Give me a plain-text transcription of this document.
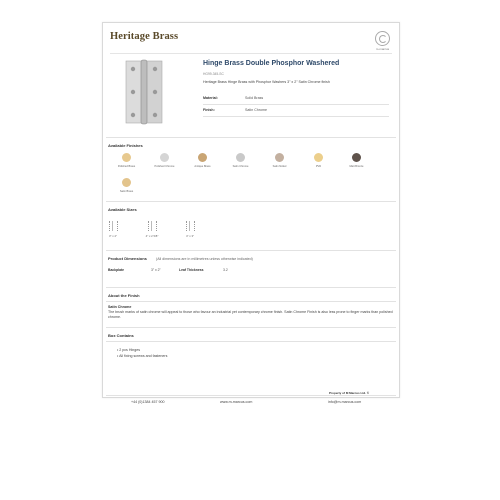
Heritage Brass
m-marcus
Hinge Brass Double Phosphor Washered
HG99-345-SC
Heritage Brass Hinge Brass with Phosphor Washers 3" x 2" Satin Chrome finish
Material:	Solid Brass
Finish:	Satin Chrome
Available Finishes
Polished Brass	Polished Chrome	Antique Brass	Satin Chrome	Satin Nickel	PVD	Matt Bronze
Satin Brass
Available Sizes
3" x 2"	4" x 2 5/8"	4" x 3"
Product Dimensions	(All dimensions are in millimetres unless otherwise indicated)
Backplate	3" x 2"	Leaf Thickness	3.2
About the Finish
Satin Chrome
The brush marks of satin chrome will appeal to those who favour an industrial yet contemporary chrome finish. Satin Chrome Finish is also less prone to finger marks than polished chrome.
Box Contains
• 2 pcs Hinges
• All fixing screws and fasteners
+44 (0)1384 457 900	www.m-marcus.com	info@m-marcus.com
Property of M Marcus Ltd. ©
